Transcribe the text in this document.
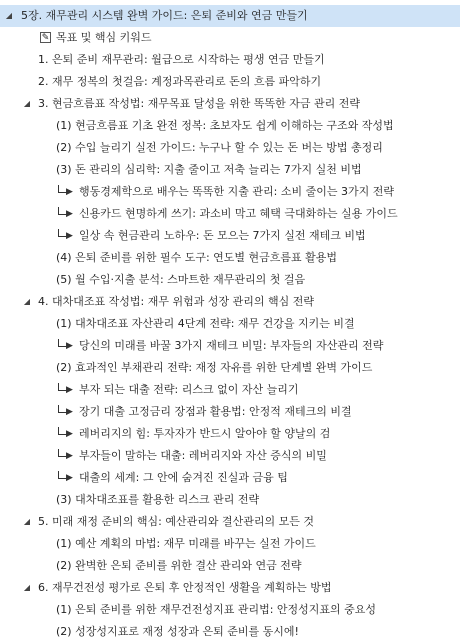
◢ 5장. 재무관리 시스템 완벽 가이드: 은퇴 준비와 연금 만들기
✎ 목표 및 핵심 키워드
1. 은퇴 준비 재무관리: 월급으로 시작하는 평생 연금 만들기
2. 재무 정복의 첫걸음: 계정과목관리로 돈의 흐름 파악하기
◢ 3. 현금흐름표 작성법: 재무목표 달성을 위한 똑똑한 자금 관리 전략
(1) 현금흐름표 기초 완전 정복: 초보자도 쉽게 이해하는 구조와 작성법
(2) 수입 늘리기 실전 가이드: 누구나 할 수 있는 돈 버는 방법 총정리
(3) 돈 관리의 심리학: 지출 줄이고 저축 늘리는 7가지 실천 비법
▶ 행동경제학으로 배우는 똑똑한 지출 관리: 소비 줄이는 3가지 전략
▶ 신용카드 현명하게 쓰기: 과소비 막고 혜택 극대화하는 실용 가이드
▶ 일상 속 현금관리 노하우: 돈 모으는 7가지 실전 재테크 비법
(4) 은퇴 준비를 위한 필수 도구: 연도별 현금흐름표 활용법
(5) 월 수입·지출 분석: 스마트한 재무관리의 첫 걸음
◢ 4. 대차대조표 작성법: 재무 위험과 성장 관리의 핵심 전략
(1) 대차대조표 자산관리 4단계 전략: 재무 건강을 지키는 비결
▶ 당신의 미래를 바꿀 3가지 재테크 비밀: 부자들의 자산관리 전략
(2) 효과적인 부채관리 전략: 재정 자유를 위한 단계별 완벽 가이드
▶ 부자 되는 대출 전략: 리스크 없이 자산 늘리기
▶ 장기 대출 고정금리 장점과 활용법: 안정적 재테크의 비결
▶ 레버리지의 힘: 투자자가 반드시 알아야 할 양날의 검
▶ 부자들이 말하는 대출: 레버리지와 자산 증식의 비밀
▶ 대출의 세계: 그 안에 숨겨진 진실과 금융 팁
(3) 대차대조표를 활용한 리스크 관리 전략
◢ 5. 미래 재정 준비의 핵심: 예산관리와 결산관리의 모든 것
(1) 예산 계획의 마법: 재무 미래를 바꾸는 실전 가이드
(2) 완벽한 은퇴 준비를 위한 결산 관리와 연금 전략
◢ 6. 재무건전성 평가로 은퇴 후 안정적인 생활을 계획하는 방법
(1) 은퇴 준비를 위한 재무건전성지표 관리법: 안정성지표의 중요성
(2) 성장성지표로 재정 성장과 은퇴 준비를 동시에!
